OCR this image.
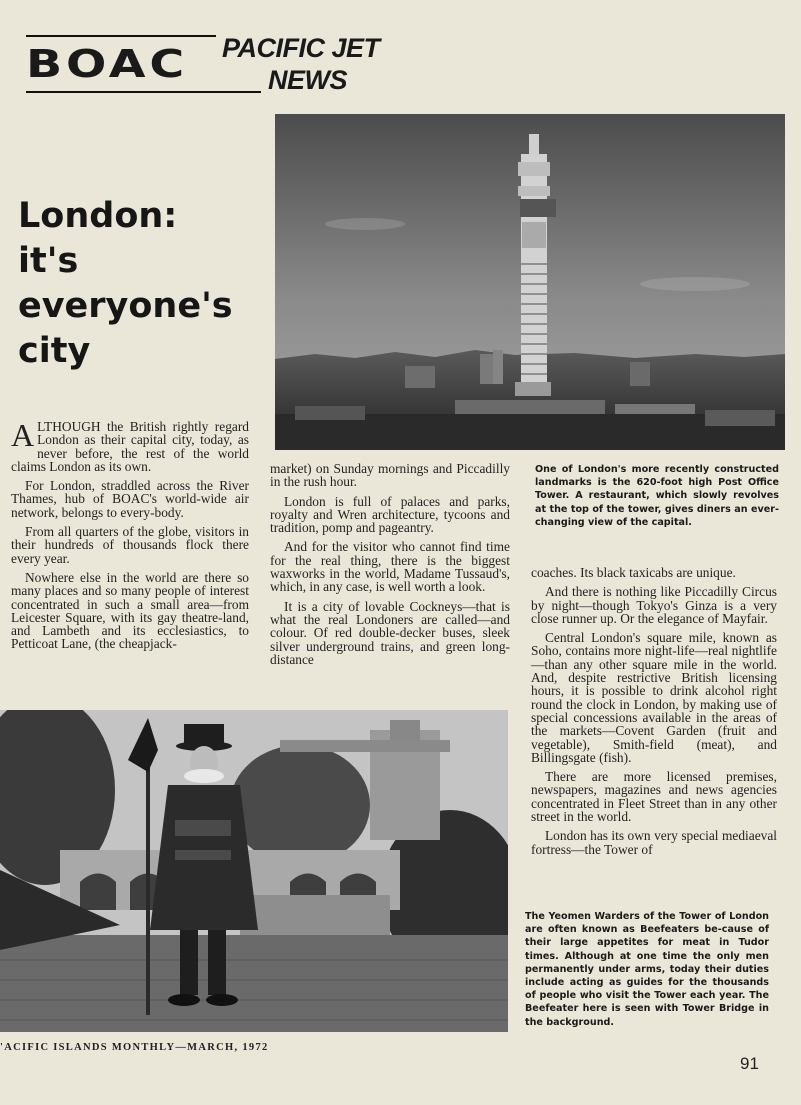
BOAC PACIFIC JET
NEWS
London:
it's
everyone's
city

ALTHOUGH the British rightly regard London as their capital city, today, as never before, the rest of the world claims London as its own.

For London, straddled across the River Thames, hub of BOAC's world-wide air network, belongs to every-body.

From all quarters of the globe, visitors in their hundreds of thousands flock there every year.

Nowhere else in the world are there so many places and so many people of interest concentrated in such a small area—from Leicester Square, with its gay theatre-land, and Lambeth and its ecclesiastics, to Petticoat Lane, (the cheapjack-

market) on Sunday mornings and Piccadilly in the rush hour.

London is full of palaces and parks, royalty and Wren architecture, tycoons and tradition, pomp and pageantry.

And for the visitor who cannot find time for the real thing, there is the biggest waxworks in the world, Madame Tussaud's, which, in any case, is well worth a look.

It is a city of lovable Cockneys—that is what the real Londoners are called—and colour. Of red double-decker buses, sleek silver underground trains, and green long-distance

One of London's more recently constructed landmarks is the 620-foot high Post Office Tower. A restaurant, which slowly revolves at the top of the tower, gives diners an ever-changing view of the capital.

coaches. Its black taxicabs are unique.

And there is nothing like Piccadilly Circus by night—though Tokyo's Ginza is a very close runner up. Or the elegance of Mayfair.

Central London's square mile, known as Soho, contains more night-life—real nightlife—than any other square mile in the world. And, despite restrictive British licensing hours, it is possible to drink alcohol right round the clock in London, by making use of special concessions available in the areas of the markets—Covent Garden (fruit and vegetable), Smith-field (meat), and Billingsgate (fish).

There are more licensed premises, newspapers, magazines and news agencies concentrated in Fleet Street than in any other street in the world.

London has its own very special mediaeval fortress—the Tower of

The Yeomen Warders of the Tower of London are often known as Beefeaters be-cause of their large appetites for meat in Tudor times. Although at one time the only men permanently under arms, today their duties include acting as guides for the thousands of people who visit the Tower each year. The Beefeater here is seen with Tower Bridge in the background.
'ACIFIC ISLANDS MONTHLY—MARCH, 1972
91
